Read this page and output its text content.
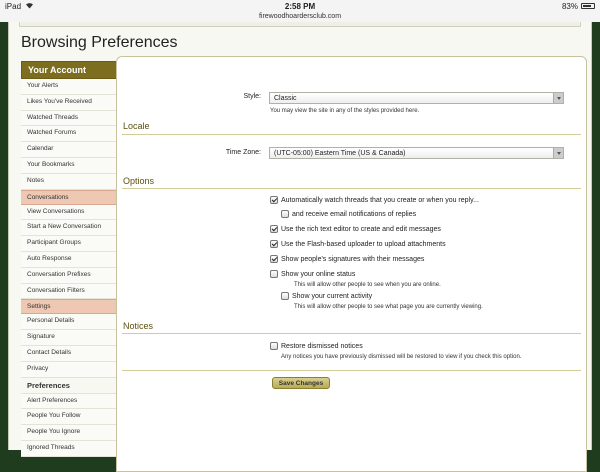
iPad	2:58 PM	83%
firewoodhoardersclub.com
Browsing Preferences
Your Account
Your Alerts
Likes You've Received
Watched Threads
Watched Forums
Calendar
Your Bookmarks
Notes
Conversations
View Conversations
Start a New Conversation
Participant Groups
Auto Response
Conversation Prefixes
Conversation Filters
Settings
Personal Details
Signature
Contact Details
Privacy
Preferences
Alert Preferences
People You Follow
People You Ignore
Ignored Threads
Style:	Classic
You may view the site in any of the styles provided here.
Locale
Time Zone:	(UTC-05:00) Eastern Time (US & Canada)
Options
Automatically watch threads that you create or when you reply...
and receive email notifications of replies
Use the rich text editor to create and edit messages
Use the Flash-based uploader to upload attachments
Show people's signatures with their messages
Show your online status
This will allow other people to see when you are online.
Show your current activity
This will allow other people to see what page you are currently viewing.
Notices
Restore dismissed notices
Any notices you have previously dismissed will be restored to view if you check this option.
Save Changes
